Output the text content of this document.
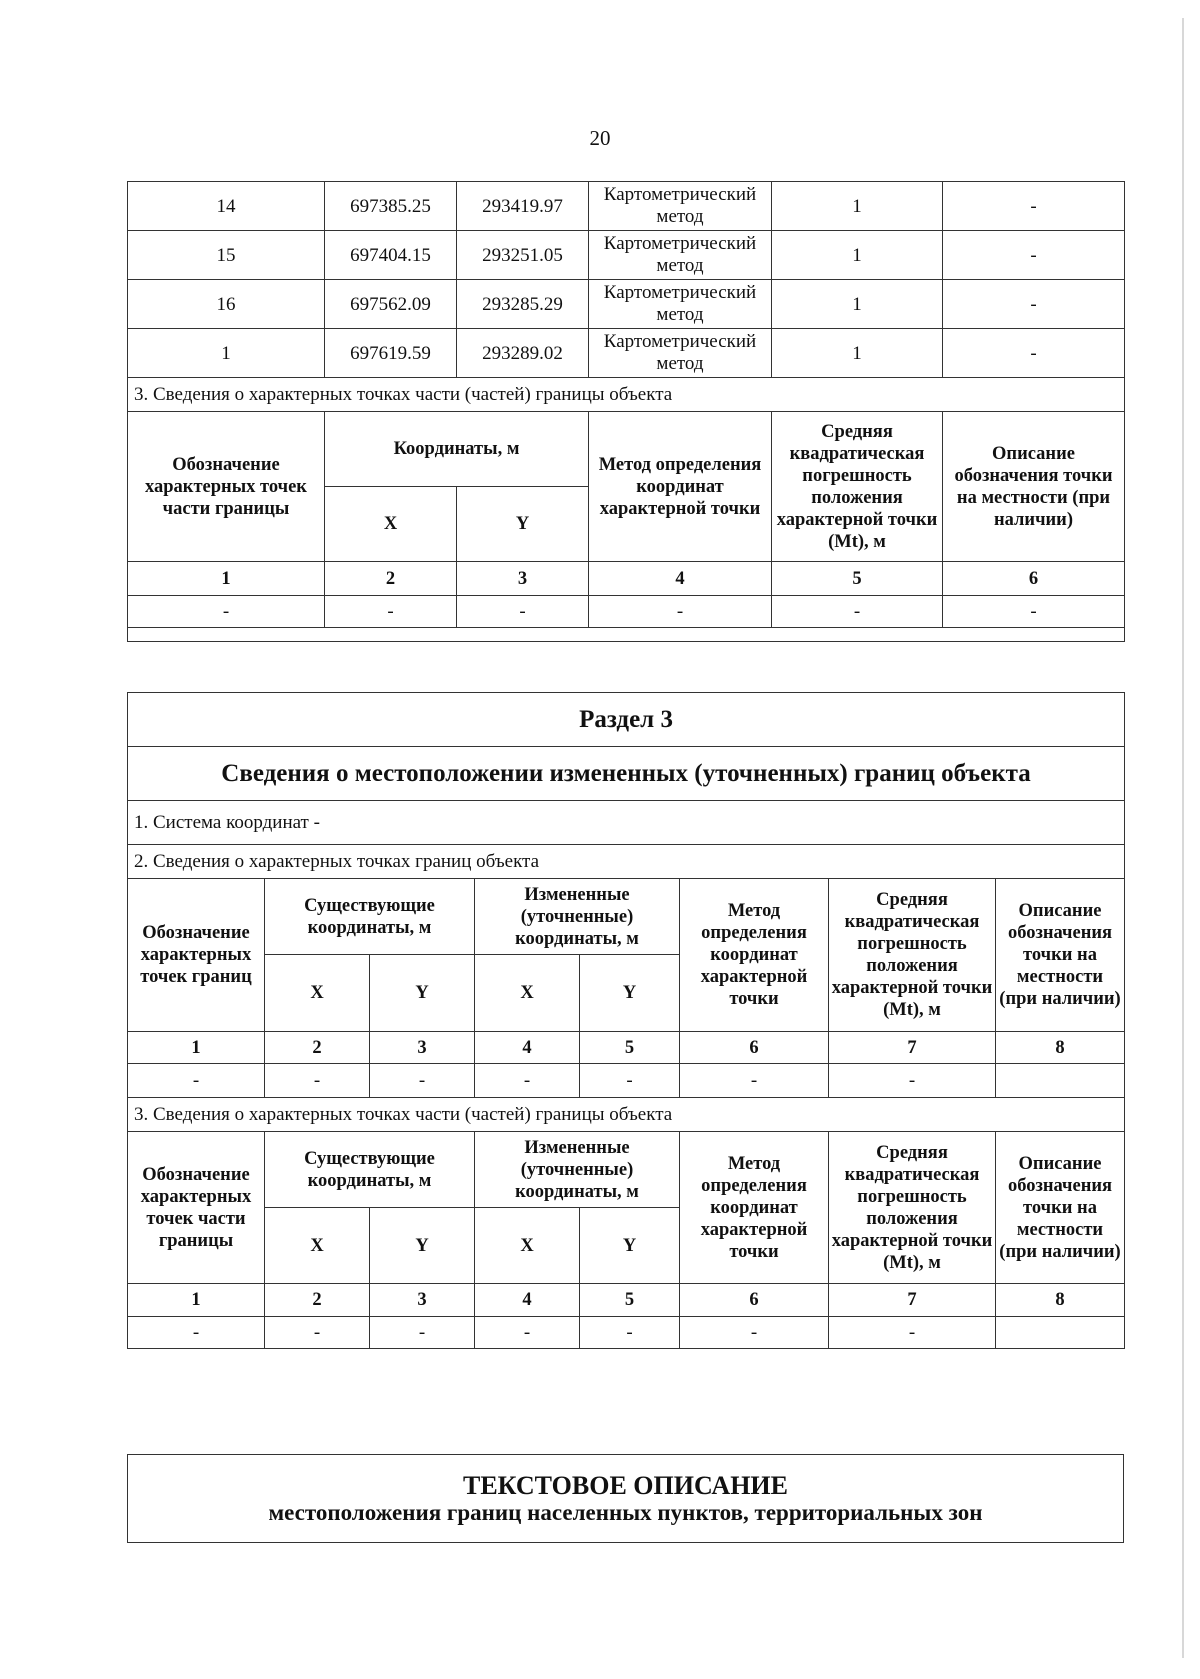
20
14	697385.25	293419.97	Картометрический метод	1	-
15	697404.15	293251.05	Картометрический метод	1	-
16	697562.09	293285.29	Картометрический метод	1	-
1	697619.59	293289.02	Картометрический метод	1	-
3. Сведения о характерных точках части (частей) границы объекта					
Обозначение характерных точек части границы	Координаты, м		Метод определения координат характерной точки	Средняя квадратическая погрешность положения характерной точки (Mt), м	Описание обозначения точки на местности (при наличии)
	X	Y			
1	2	3	4	5	6
-	-	-	-	-	-

Раздел 3							
Сведения о местоположении измененных (уточненных) границ объекта							
1. Система координат -							
2. Сведения о характерных точках границ объекта							
Обозначение характерных точек границ	Существующие координаты, м		Измененные (уточненные) координаты, м		Метод определения координат характерной точки	Средняя квадратическая погрешность положения характерной точки (Mt), м	Описание обозначения точки на местности (при наличии)
	X	Y	X	Y			
1	2	3	4	5	6	7	8
-	-	-	-	-	-	-	
3. Сведения о характерных точках части (частей) границы объекта							
Обозначение характерных точек части границы	Существующие координаты, м		Измененные (уточненные) координаты, м		Метод определения координат характерной точки	Средняя квадратическая погрешность положения характерной точки (Mt), м	Описание обозначения точки на местности (при наличии)
	X	Y	X	Y			
1	2	3	4	5	6	7	8
-	-	-	-	-	-	-	
ТЕКСТОВОЕ ОПИСАНИЕ
местоположения границ населенных пунктов, территориальных зон
